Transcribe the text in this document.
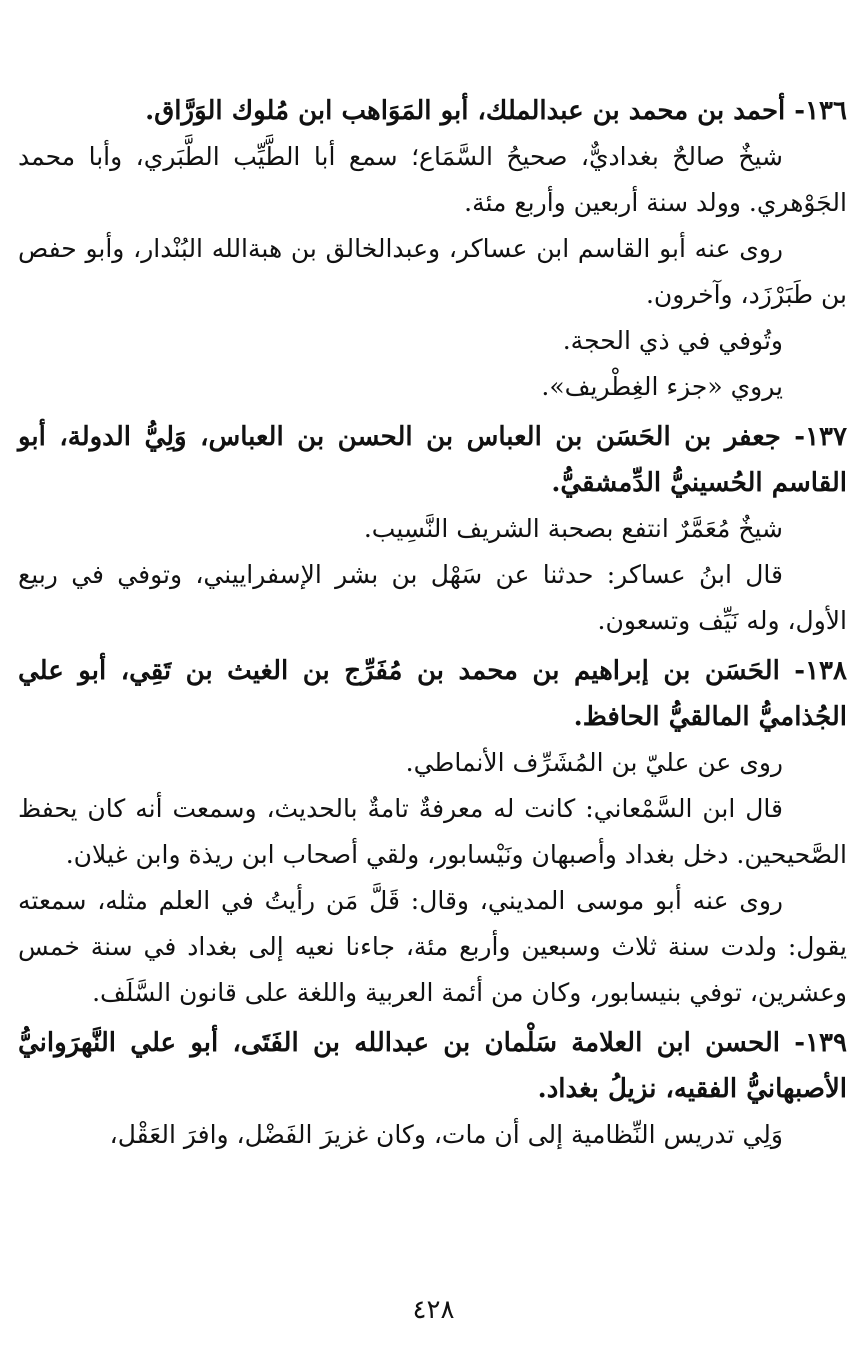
١٣٦- أحمد بن محمد بن عبدالملك، أبو المَوَاهب ابن مُلوك الوَرَّاق.

شيخٌ صالحٌ بغداديٌّ، صحيحُ السَّمَاع؛ سمع أبا الطَّيِّب الطَّبَري، وأبا محمد الجَوْهري. وولد سنة أربعين وأربع مئة.

روى عنه أبو القاسم ابن عساكر، وعبدالخالق بن هبةالله البُنْدار، وأبو حفص بن طَبَرْزَد، وآخرون.

وتُوفي في ذي الحجة.

يروي «جزء الغِطْريف».

١٣٧- جعفر بن الحَسَن بن العباس بن الحسن بن العباس، وَلِيُّ الدولة، أبو القاسم الحُسينيُّ الدِّمشقيُّ.

شيخٌ مُعَمَّرٌ انتفع بصحبة الشريف النَّسِيب.

قال ابنُ عساكر: حدثنا عن سَهْل بن بشر الإسفراييني، وتوفي في ربيع الأول، وله نَيِّف وتسعون.

١٣٨- الحَسَن بن إبراهيم بن محمد بن مُفَرِّج بن الغيث بن تَقِي، أبو علي الجُذاميُّ المالقيُّ الحافظ.

روى عن عليّ بن المُشَرِّف الأنماطي.

قال ابن السَّمْعاني: كانت له معرفةٌ تامةٌ بالحديث، وسمعت أنه كان يحفظ الصَّحيحين. دخل بغداد وأصبهان ونَيْسابور، ولقي أصحاب ابن ريذة وابن غيلان.

روى عنه أبو موسى المديني، وقال: قَلَّ مَن رأيتُ في العلم مثله، سمعته يقول: ولدت سنة ثلاث وسبعين وأربع مئة، جاءنا نعيه إلى بغداد في سنة خمس وعشرين، توفي بنيسابور، وكان من أئمة العربية واللغة على قانون السَّلَف.

١٣٩- الحسن ابن العلامة سَلْمان بن عبدالله بن الفَتَى، أبو علي النَّهرَوانيُّ الأصبهانيُّ الفقيه، نزيلُ بغداد.

وَلِي تدريس النِّظامية إلى أن مات، وكان غزيرَ الفَضْل، وافرَ العَقْل،

٤٢٨
